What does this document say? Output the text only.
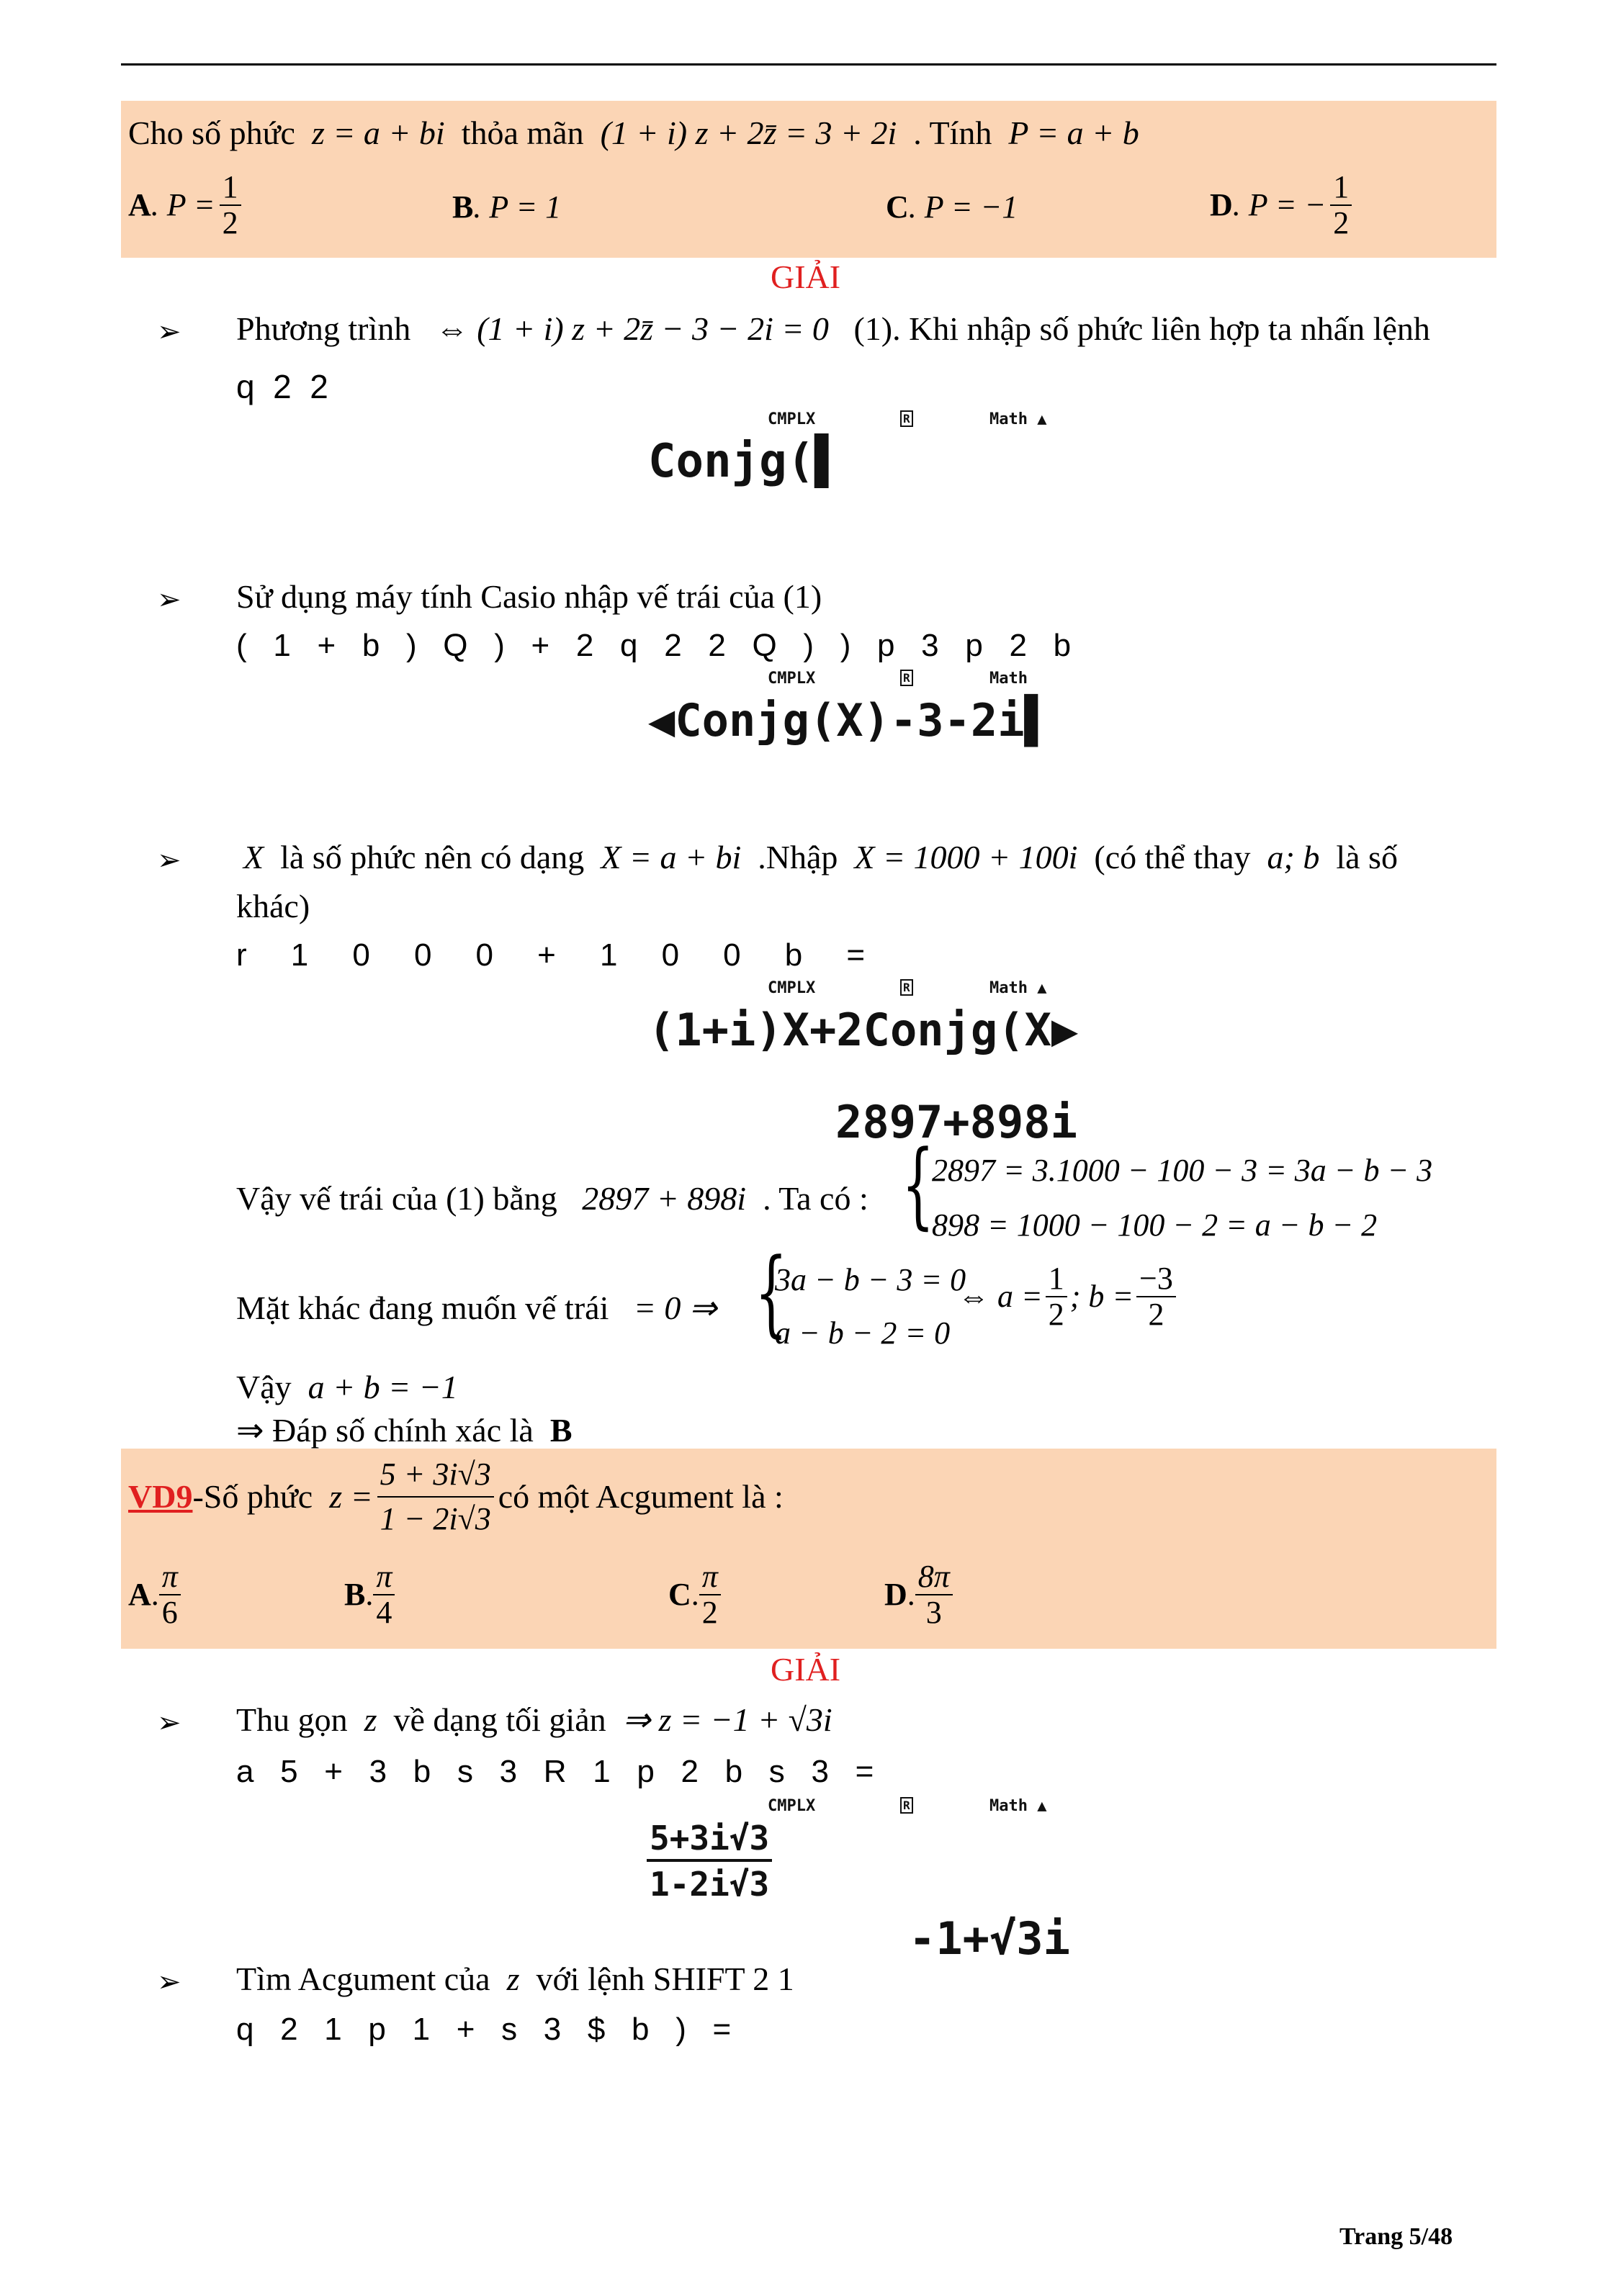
Cho số phức z = a + bi thỏa mãn (1 + i) z + 2z̄ = 3 + 2i . Tính P = a + b
A . $P = \frac{1}{2}$	B. P = 1	C. P = −1	D . P = − $\frac{1}{2}$
GIẢI
➢ Phương trình ⇔ (1 + i) z + 2z̄ − 3 − 2i = 0 (1). Khi nhập số phức liên hợp ta nhấn lệnh
q  2  2
CMPLX	R	Math ▲
Conjg(▌
➢ Sử dụng máy tính Casio nhập vế trái của (1)
(   1   +   b   )   Q   )   +   2   q   2   2   Q   )   )   p   3   p   2   b
CMPLX	R	Math
◀Conjg(X)-3-2i▌
➢ X là số phức nên có dạng X = a + bi .Nhập X = 1000 + 100i (có thể thay a; b là số
khác)
r     1     0     0     0     +     1     0     0     b     =
CMPLX	R	Math ▲
(1+i)X+2Conjg(X▶
2897+898i
Vậy vế trái của (1) bằng 2897 + 898i . Ta có : {
2897 = 3.1000 − 100 − 3 = 3a − b − 3
898 = 1000 − 100 − 2 = a − b − 2
Mặt khác đang muốn vế trái = 0 ⇒ {
3a − b − 3 = 0
a − b − 2 = 0
⇔ $a = \frac{1}{2}$ ; $b = \frac{-3}{2}$
Vậy a + b = −1
⇒ Đáp số chính xác là B
VD9 -Số phức
$z = \frac{5 + 3i√3}{1 - 2i√3}$ có một Acgument là :
A . $\frac{\pi}{6}$	B . $\frac{\pi}{4}$	C . $\frac{\pi}{2}$	D . $\frac{8\pi}{3}$
GIẢI
➢ Thu gọn z về dạng tối giản ⇒ z = −1 + √3i
a   5   +   3   b   s   3   R   1   p   2   b   s   3   =
CMPLX	R	Math ▲
$\frac{5+3i√3}{1-2i√3}$
-1+√3i
➢ Tìm Acgument của z với lệnh SHIFT 2 1
q   2   1   p   1   +   s   3   $   b   )   =
Trang 5/48
